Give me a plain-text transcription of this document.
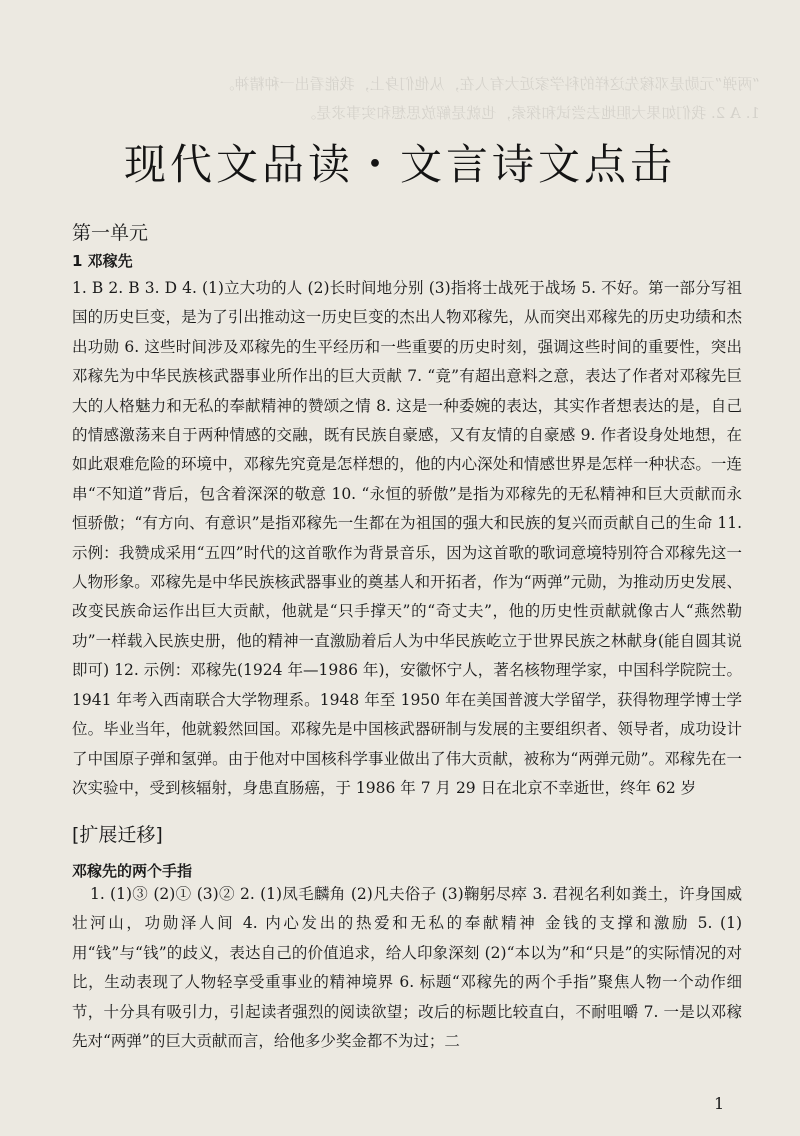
“两弹”元勋是邓稼先这样的科学家近大有人在，从他们身上，我能看出一种精神。
1. A 2. 我们如果大胆地去尝试和探索，也就是解放思想和实事求是。
现代文品读・文言诗文点击
第一单元
1 邓稼先
1. B 2. B 3. D 4. (1)立大功的人 (2)长时间地分别 (3)指将士战死于战场 5. 不好。第一部分写祖国的历史巨变，是为了引出推动这一历史巨变的杰出人物邓稼先，从而突出邓稼先的历史功绩和杰出功勋 6. 这些时间涉及邓稼先的生平经历和一些重要的历史时刻，强调这些时间的重要性，突出邓稼先为中华民族核武器事业所作出的巨大贡献 7. “竟”有超出意料之意，表达了作者对邓稼先巨大的人格魅力和无私的奉献精神的赞颂之情 8. 这是一种委婉的表达，其实作者想表达的是，自己的情感激荡来自于两种情感的交融，既有民族自豪感，又有友情的自豪感 9. 作者设身处地想，在如此艰难危险的环境中，邓稼先究竟是怎样想的，他的内心深处和情感世界是怎样一种状态。一连串“不知道”背后，包含着深深的敬意 10. “永恒的骄傲”是指为邓稼先的无私精神和巨大贡献而永恒骄傲；“有方向、有意识”是指邓稼先一生都在为祖国的强大和民族的复兴而贡献自己的生命 11. 示例：我赞成采用“五四”时代的这首歌作为背景音乐，因为这首歌的歌词意境特别符合邓稼先这一人物形象。邓稼先是中华民族核武器事业的奠基人和开拓者，作为“两弹”元勋，为推动历史发展、改变民族命运作出巨大贡献，他就是“只手撑天”的“奇丈夫”，他的历史性贡献就像古人“燕然勒功”一样载入民族史册，他的精神一直激励着后人为中华民族屹立于世界民族之林献身(能自圆其说即可) 12. 示例：邓稼先(1924 年—1986 年)，安徽怀宁人，著名核物理学家，中国科学院院士。1941 年考入西南联合大学物理系。1948 年至 1950 年在美国普渡大学留学，获得物理学博士学位。毕业当年，他就毅然回国。邓稼先是中国核武器研制与发展的主要组织者、领导者，成功设计了中国原子弹和氢弹。由于他对中国核科学事业做出了伟大贡献，被称为“两弹元勋”。邓稼先在一次实验中，受到核辐射，身患直肠癌，于 1986 年 7 月 29 日在北京不幸逝世，终年 62 岁
[扩展迁移]
邓稼先的两个手指
1. (1)③ (2)① (3)② 2. (1)凤毛麟角 (2)凡夫俗子 (3)鞠躬尽瘁 3. 君视名利如粪土，许身国威壮河山，功勋泽人间 4. 内心发出的热爱和无私的奉献精神 金钱的支撑和激励 5. (1)用“钱”与“钱”的歧义，表达自己的价值追求，给人印象深刻 (2)“本以为”和“只是”的实际情况的对比，生动表现了人物轻享受重事业的精神境界 6. 标题“邓稼先的两个手指”聚焦人物一个动作细节，十分具有吸引力，引起读者强烈的阅读欲望；改后的标题比较直白，不耐咀嚼 7. 一是以邓稼先对“两弹”的巨大贡献而言，给他多少奖金都不为过；二
1
